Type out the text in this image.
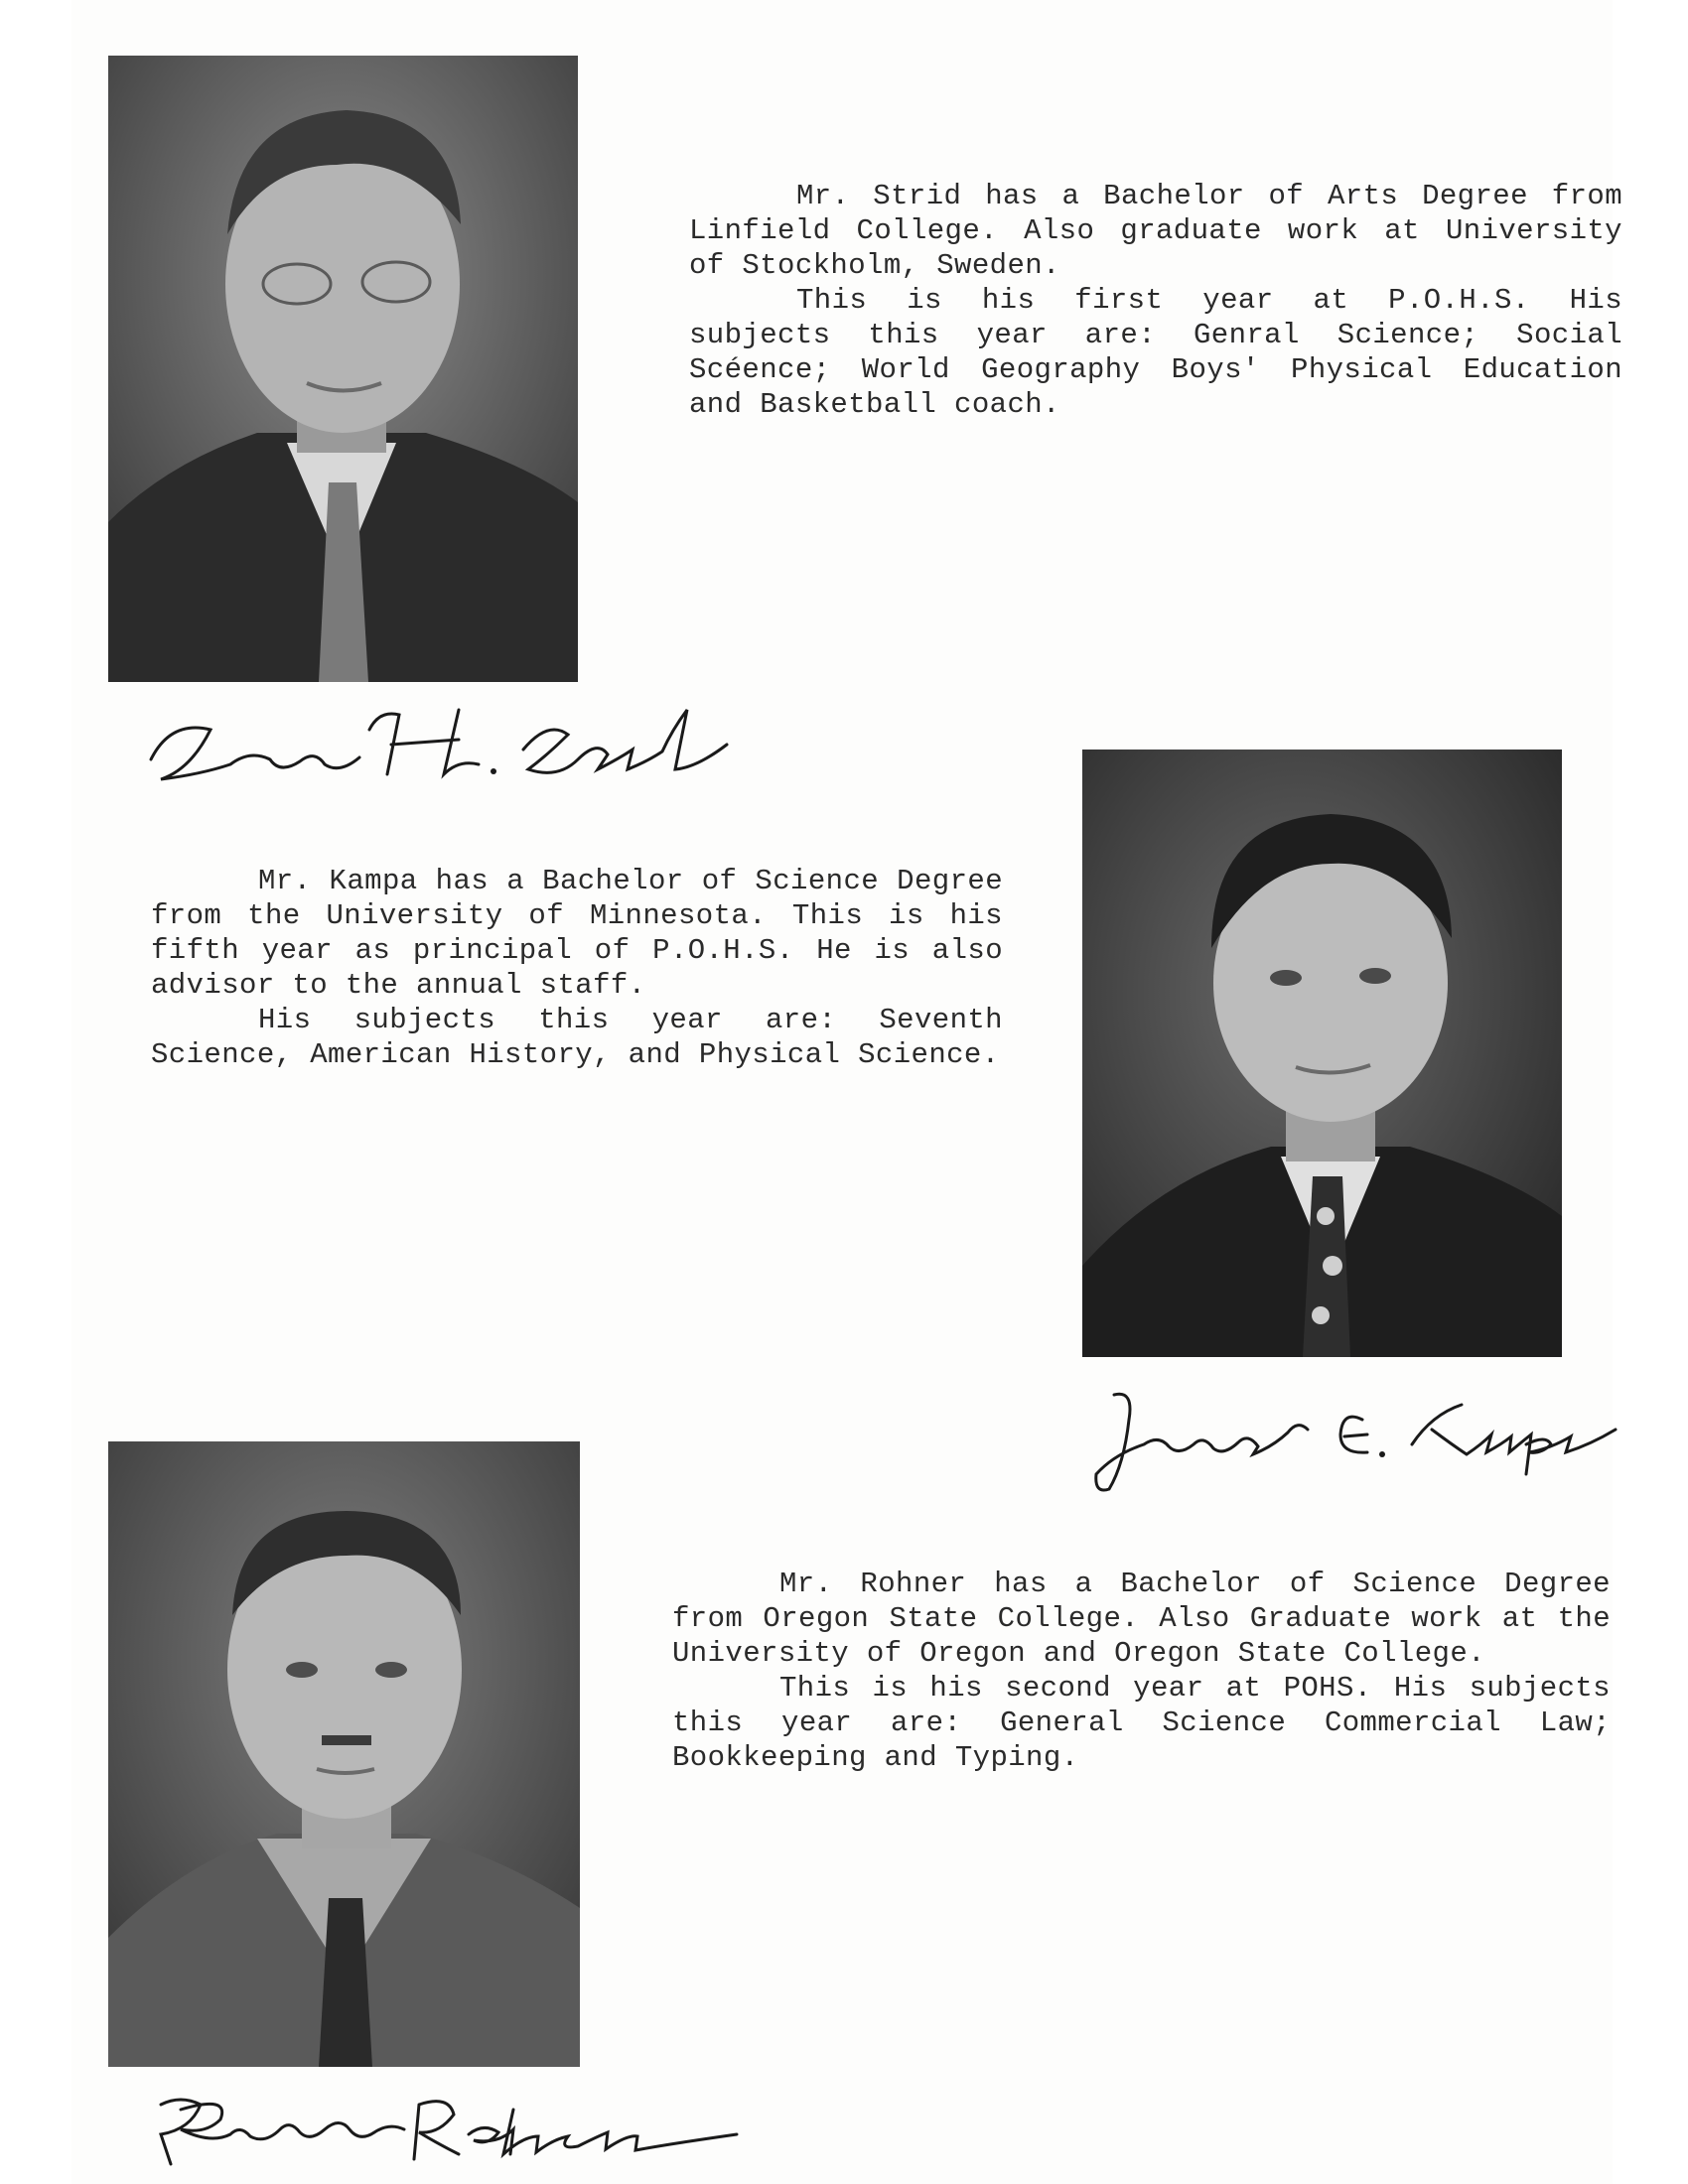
Mr. Strid has a Bachelor of Arts Degree from Linfield College. Also graduate work at University of Stockholm, Sweden.

This is his first year at P.O.H.S. His subjects this year are: Genral Science; Social Scéence; World Geography Boys' Physical Education and Basketball coach.

Mr. Kampa has a Bachelor of Science Degree from the University of Minnesota. This is his fifth year as principal of P.O.H.S. He is also advisor to the annual staff.

His subjects this year are: Seventh Science, American History, and Physical Science.

Mr. Rohner has a Bachelor of Science Degree from Oregon State College. Also Graduate work at the University of Oregon and Oregon State College.

This is his second year at POHS. His subjects this year are: General Science Commercial Law; Bookkeeping and Typing.
